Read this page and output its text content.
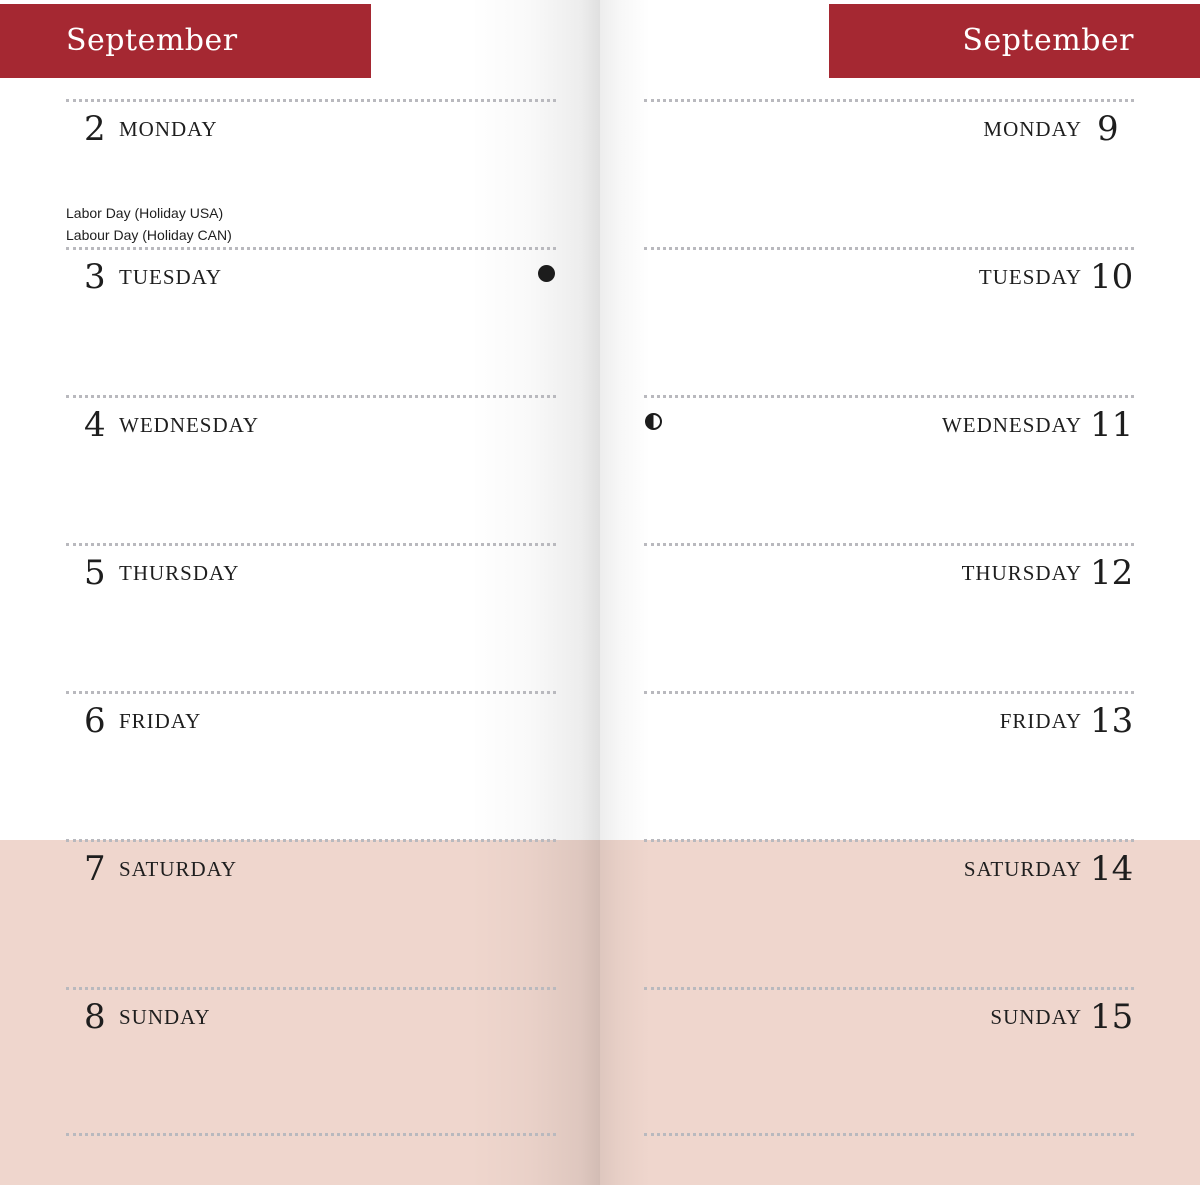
September
2 MONDAY
Labor Day (Holiday USA)
Labour Day (Holiday CAN)
3 TUESDAY
4 WEDNESDAY
5 THURSDAY
6 FRIDAY
7 SATURDAY
8 SUNDAY
September
MONDAY 9
TUESDAY 10
WEDNESDAY 11
THURSDAY 12
FRIDAY 13
SATURDAY 14
SUNDAY 15
